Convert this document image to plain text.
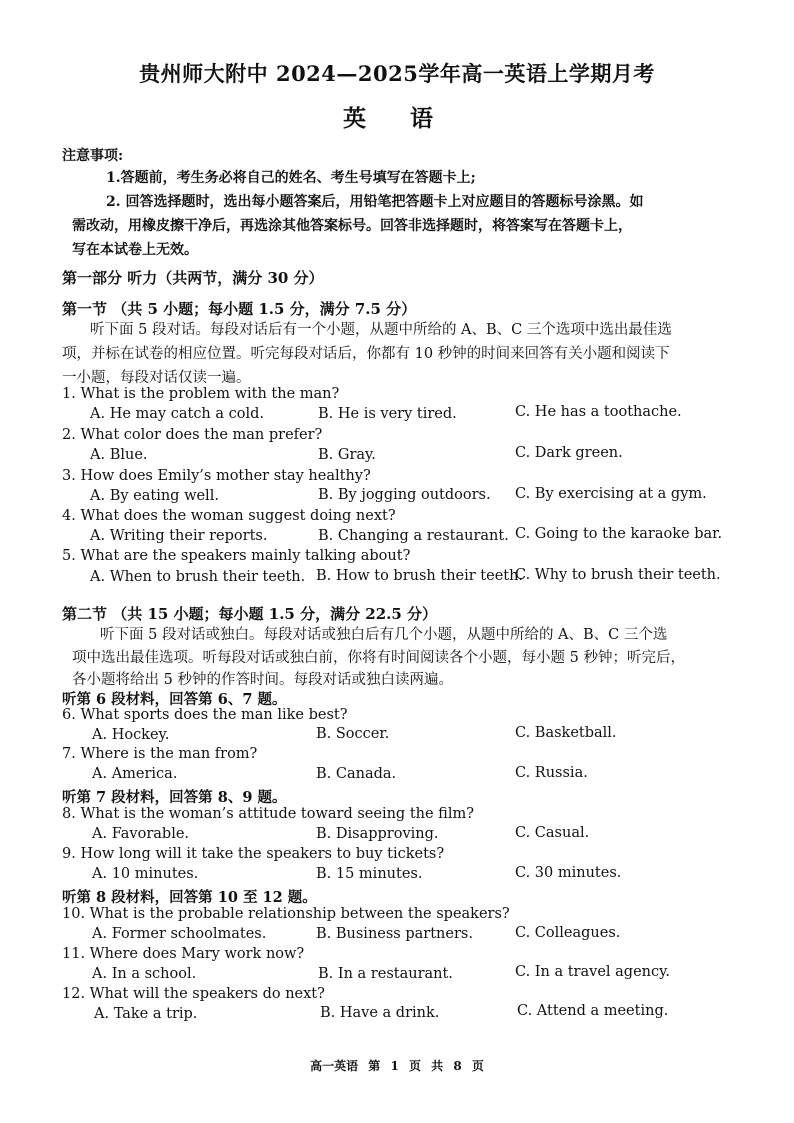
贵州师大附中 2024—2025学年高一英语上学期月考
英 语
注意事项:
1.答题前，考生务必将自己的姓名、考生号填写在答题卡上;
2. 回答选择题时，选出每小题答案后，用铅笔把答题卡上对应题目的答题标号涂黑。如
需改动，用橡皮擦干净后，再选涂其他答案标号。回答非选择题时，将答案写在答题卡上，
写在本试卷上无效。
第一部分 听力（共两节，满分 30 分）
第一节 （共 5 小题；每小题 1.5 分，满分 7.5 分）
听下面 5 段对话。每段对话后有一个小题，从题中所给的 A、B、C 三个选项中选出最佳选
项，并标在试卷的相应位置。听完每段对话后，你都有 10 秒钟的时间来回答有关小题和阅读下
一小题，每段对话仅读一遍。
1. What is the problem with the man?
A. He may catch a cold.	B. He is very tired.	C. He has a toothache.
2. What color does the man prefer?
A. Blue.	B. Gray.	C. Dark green.
3. How does Emily’s mother stay healthy?
A. By eating well.	B. By jogging outdoors. C. By exercising at a gym.
4. What does the woman suggest doing next?
A. Writing their reports.	B. Changing a restaurant. C. Going to the karaoke bar.
5. What are the speakers mainly talking about?
A. When to brush their teeth. B. How to brush their teeth.
C. Why to brush their teeth.
第二节 （共 15 小题；每小题 1.5 分，满分 22.5 分）
听下面 5 段对话或独白。每段对话或独白后有几个小题，从题中所给的 A、B、C 三个选
项中选出最佳选项。听每段对话或独白前，你将有时间阅读各个小题，每小题 5 秒钟；听完后，
各小题将给出 5 秒钟的作答时间。每段对话或独白读两遍。
听第 6 段材料，回答第 6、7 题。
6. What sports does the man like best?
A. Hockey.	B. Soccer.	C. Basketball.
7. Where is the man from?
A. America.	B. Canada.	C. Russia.
听第 7 段材料，回答第 8、9 题。
8. What is the woman’s attitude toward seeing the film?
A. Favorable.	B. Disapproving.	C. Casual.
9. How long will it take the speakers to buy tickets?
A. 10 minutes.	B. 15 minutes.	C. 30 minutes.
听第 8 段材料，回答第 10 至 12 题。
10. What is the probable relationship between the speakers?
A. Former schoolmates.	B. Business partners.	C. Colleagues.
11. Where does Mary work now?
A. In a school.	B. In a restaurant.	C. In a travel agency.
12. What will the speakers do next?
A. Take a trip.	B. Have a drink.	C. Attend a meeting.
高一英语 第 1 页 共 8 页
